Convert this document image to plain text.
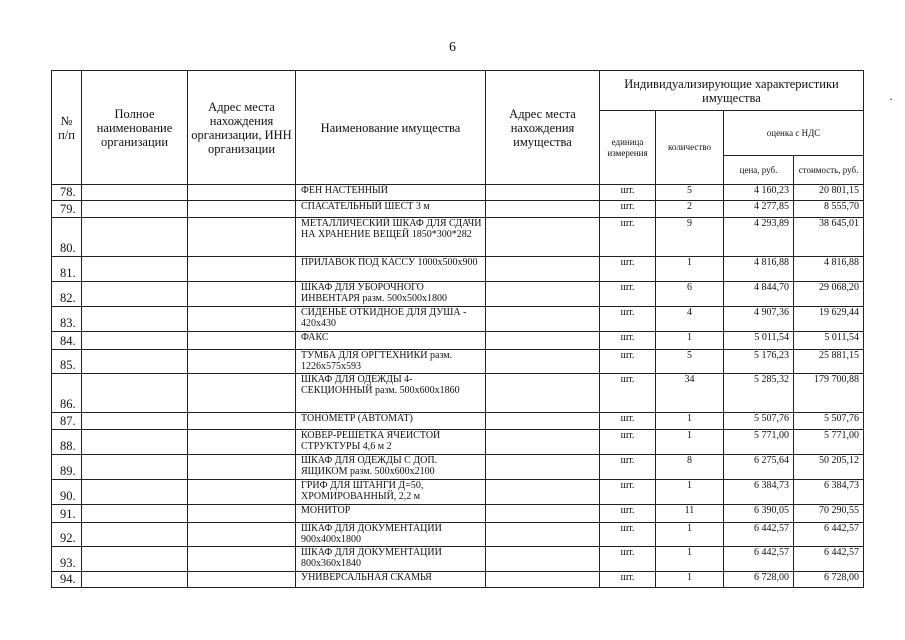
6
·
№ п/п	Полное наименование организации	Адрес места нахождения организации, ИНН организации	Наименование имущества	Адрес места нахождения имущества	Индивидуализирующие характеристики имущества			
					единица измерения	количество	оценка с НДС	
							цена, руб.	стоимость, руб.
78.			ФЕН НАСТЕННЫЙ		шт.	5	4 160,23	20 801,15
79.			СПАСАТЕЛЬНЫЙ ШЕСТ 3 м		шт.	2	4 277,85	8 555,70
80.			МЕТАЛЛИЧЕСКИЙ ШКАФ ДЛЯ СДАЧИ НА ХРАНЕНИЕ ВЕЩЕЙ 1850*300*282		шт.	9	4 293,89	38 645,01
81.			ПРИЛАВОК ПОД КАССУ 1000x500x900		шт.	1	4 816,88	4 816,88
82.			ШКАФ ДЛЯ УБОРОЧНОГО ИНВЕНТАРЯ разм. 500x500x1800		шт.	6	4 844,70	29 068,20
83.			СИДЕНЬЕ ОТКИДНОЕ ДЛЯ ДУША - 420x430		шт.	4	4 907,36	19 629,44
84.			ФАКС		шт.	1	5 011,54	5 011,54
85.			ТУМБА ДЛЯ ОРГТЕХНИКИ разм. 1226x575x593		шт.	5	5 176,23	25 881,15
86.			ШКАФ ДЛЯ ОДЕЖДЫ 4- СЕКЦИОННЫЙ разм. 500x600x1860		шт.	34	5 285,32	179 700,88
87.			ТОНОМЕТР (АВТОМАТ)		шт.	1	5 507,76	5 507,76
88.			КОВЕР-РЕШЕТКА ЯЧЕИСТОЙ СТРУКТУРЫ 4,6 м 2		шт.	1	5 771,00	5 771,00
89.			ШКАФ ДЛЯ ОДЕЖДЫ С ДОП. ЯЩИКОМ разм. 500x600x2100		шт.	8	6 275,64	50 205,12
90.			ГРИФ ДЛЯ ШТАНГИ Д=50, ХРОМИРОВАННЫЙ, 2,2 м		шт.	1	6 384,73	6 384,73
91.			МОНИТОР		шт.	11	6 390,05	70 290,55
92.			ШКАФ ДЛЯ ДОКУМЕНТАЦИИ 900x400x1800		шт.	1	6 442,57	6 442,57
93.			ШКАФ ДЛЯ ДОКУМЕНТАЦИИ 800x360x1840		шт.	1	6 442,57	6 442,57
94.			УНИВЕРСАЛЬНАЯ СКАМЬЯ		шт.	1	6 728,00	6 728,00
